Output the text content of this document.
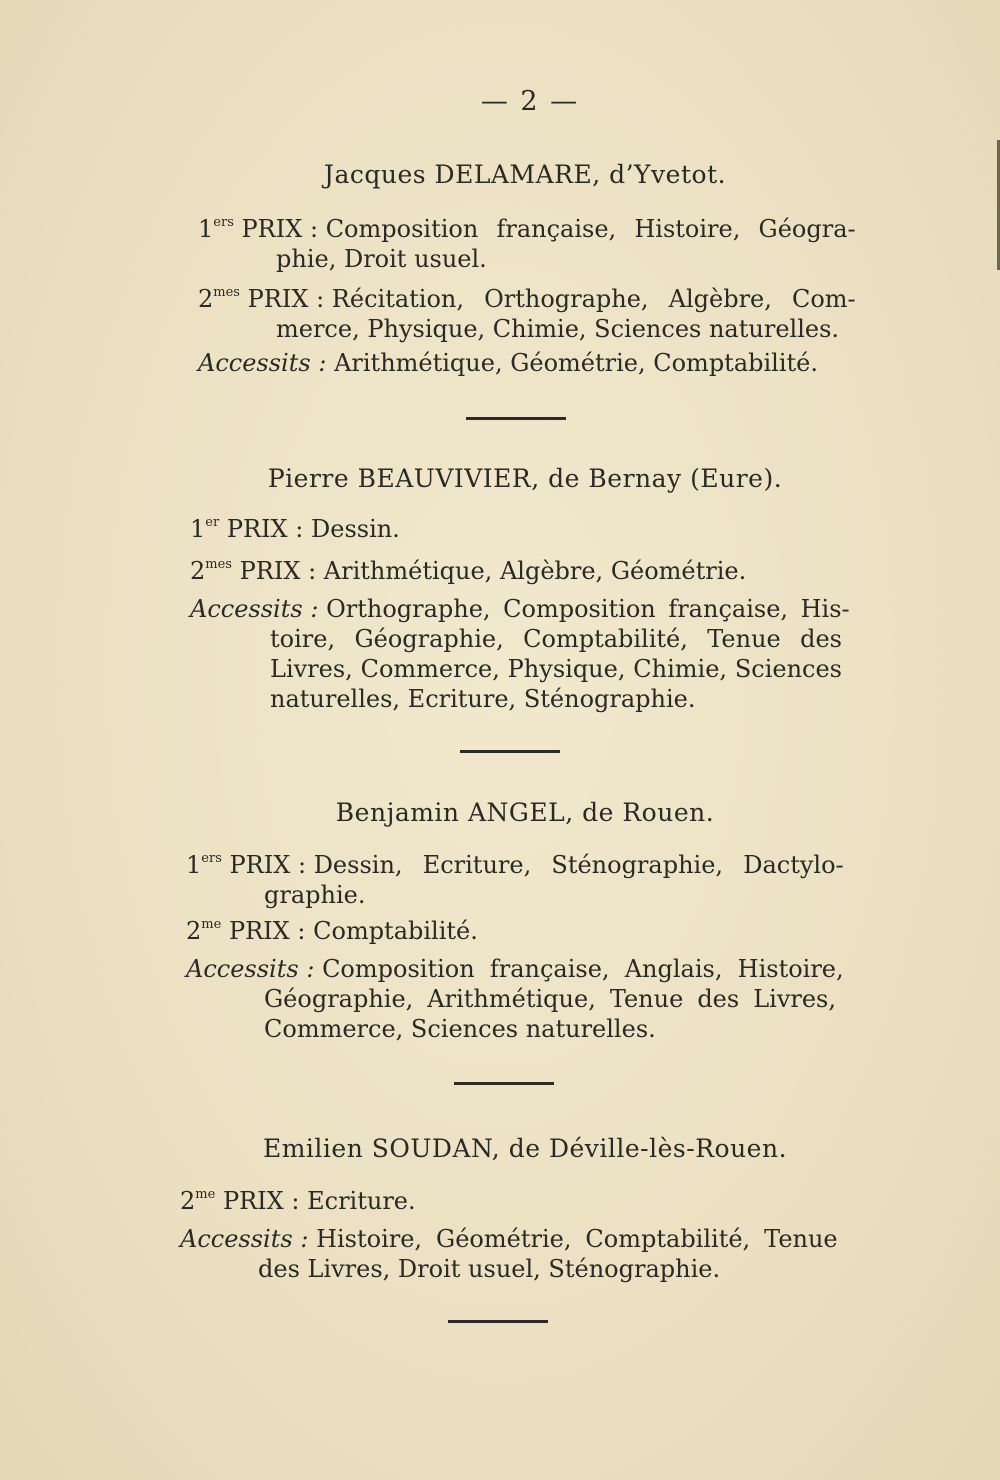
— 2 —
Jacques DELAMARE, d’Yvetot.
1ers PRIX : Composition française, Histoire, Géogra-
phie, Droit usuel.
$2^{mes}$ PRIX : Récitation, Orthographe, Algèbre, Com-
merce, Physique, Chimie, Sciences naturelles.
Accessits : Arithmétique, Géométrie, Comptabilité.
Pierre BEAUVIVIER, de Bernay (Eure).
1er PRIX : Dessin.
$2^{mes}$ PRIX : Arithmétique, Algèbre, Géométrie.
Accessits : Orthographe, Composition française, His-
toire, Géographie, Comptabilité, Tenue des
Livres, Commerce, Physique, Chimie, Sciences
naturelles, Ecriture, Sténographie.
Benjamin ANGEL, de Rouen.
1ers PRIX : Dessin, Ecriture, Sténographie, Dactylo-
graphie.
$2^{me}$ PRIX : Comptabilité.
Accessits : Composition française, Anglais, Histoire,
Géographie, Arithmétique, Tenue des Livres,
Commerce, Sciences naturelles.
Emilien SOUDAN, de Déville-lès-Rouen.
$2^{me}$ PRIX : Ecriture.
Accessits : Histoire, Géométrie, Comptabilité, Tenue
des Livres, Droit usuel, Sténographie.
